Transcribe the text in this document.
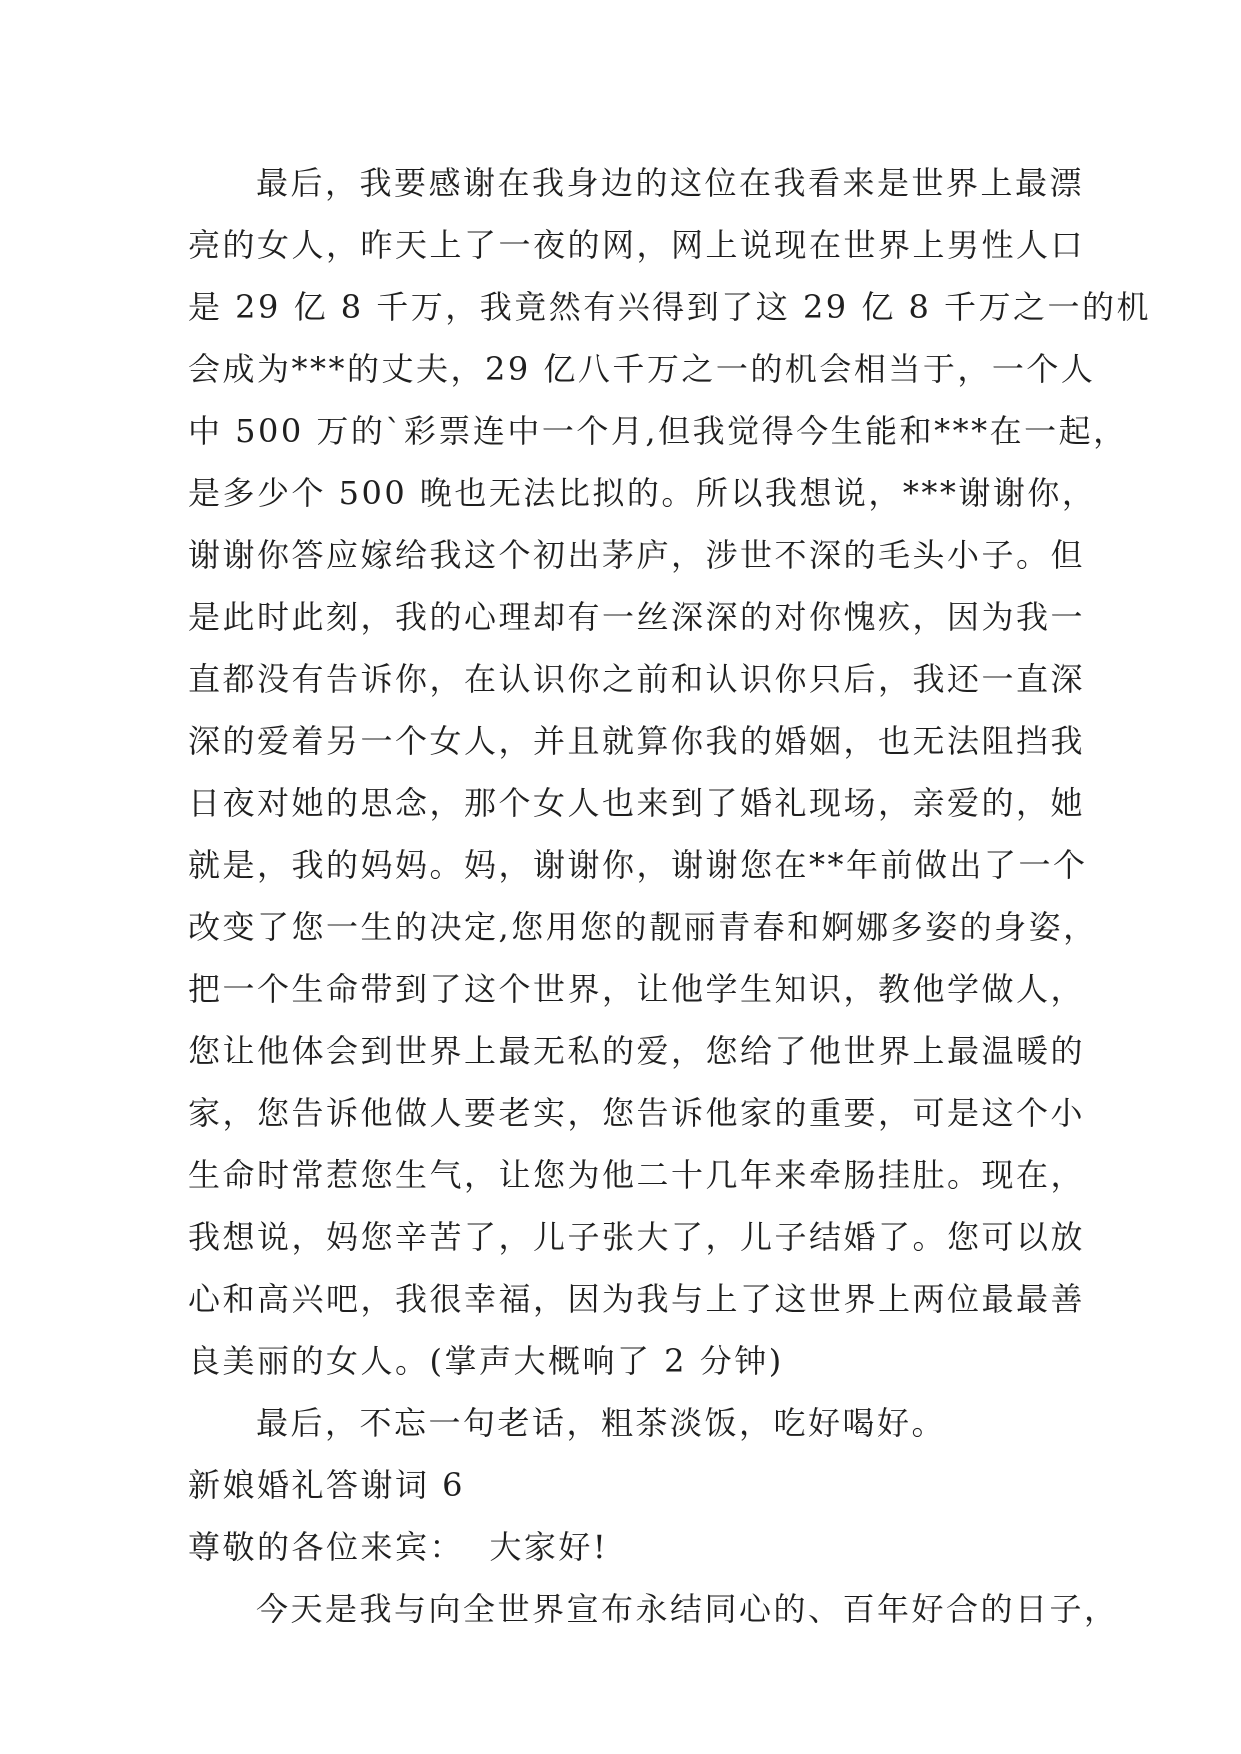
最后，我要感谢在我身边的这位在我看来是世界上最漂
亮的女人，昨天上了一夜的网，网上说现在世界上男性人口
是 29 亿 8 千万，我竟然有兴得到了这 29 亿 8 千万之一的机
会成为***的丈夫，29 亿八千万之一的机会相当于，一个人
中 500 万的`彩票连中一个月,但我觉得今生能和***在一起，
是多少个 500 晚也无法比拟的。所以我想说，***谢谢你，
谢谢你答应嫁给我这个初出茅庐，涉世不深的毛头小子。但
是此时此刻，我的心理却有一丝深深的对你愧疚，因为我一
直都没有告诉你，在认识你之前和认识你只后，我还一直深
深的爱着另一个女人，并且就算你我的婚姻，也无法阻挡我
日夜对她的思念，那个女人也来到了婚礼现场，亲爱的，她
就是，我的妈妈。妈，谢谢你，谢谢您在**年前做出了一个
改变了您一生的决定,您用您的靓丽青春和婀娜多姿的身姿，
把一个生命带到了这个世界，让他学生知识，教他学做人，
您让他体会到世界上最无私的爱，您给了他世界上最温暖的
家，您告诉他做人要老实，您告诉他家的重要，可是这个小
生命时常惹您生气，让您为他二十几年来牵肠挂肚。现在，
我想说，妈您辛苦了，儿子张大了，儿子结婚了。您可以放
心和高兴吧，我很幸福，因为我与上了这世界上两位最最善
良美丽的女人。(掌声大概响了 2 分钟)
最后，不忘一句老话，粗茶淡饭，吃好喝好。
新娘婚礼答谢词 6
尊敬的各位来宾：  大家好!
今天是我与向全世界宣布永结同心的、百年好合的日子，
